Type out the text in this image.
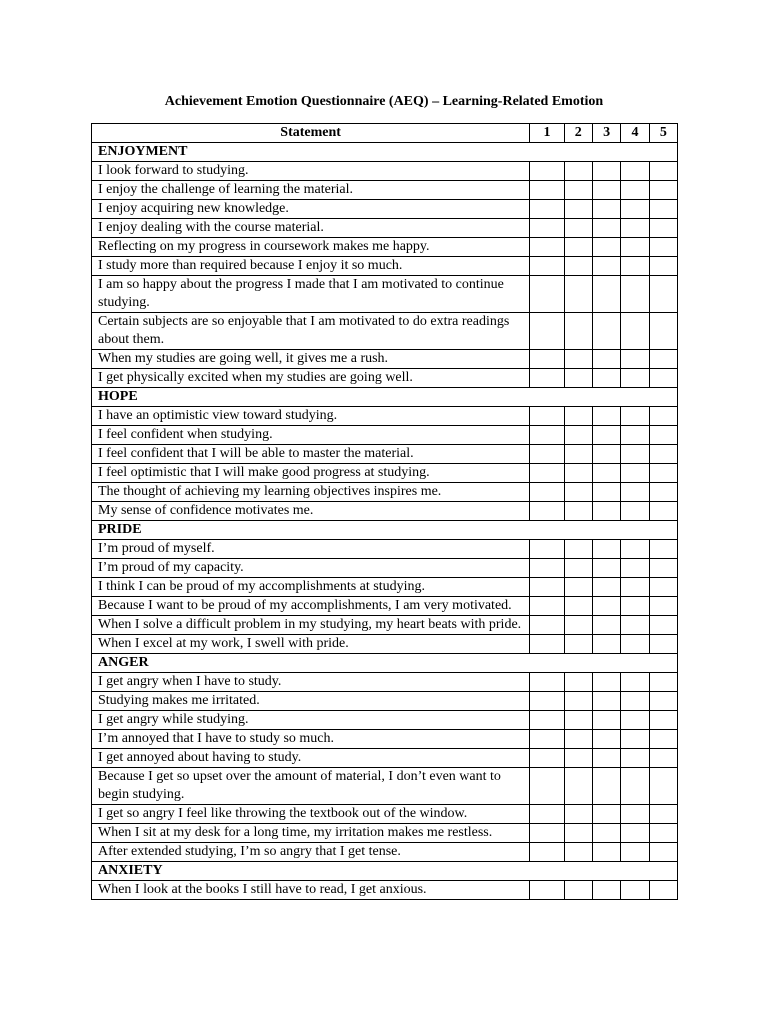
Achievement Emotion Questionnaire (AEQ) – Learning-Related Emotion
Statement	1	2	3	4	5
ENJOYMENT					
I look forward to studying.					
I enjoy the challenge of learning the material.					
I enjoy acquiring new knowledge.					
I enjoy dealing with the course material.					
Reflecting on my progress in coursework makes me happy.					
I study more than required because I enjoy it so much.					
I am so happy about the progress I made that I am motivated to continue studying.					
Certain subjects are so enjoyable that I am motivated to do extra readings about them.					
When my studies are going well, it gives me a rush.					
I get physically excited when my studies are going well.					
HOPE					
I have an optimistic view toward studying.					
I feel confident when studying.					
I feel confident that I will be able to master the material.					
I feel optimistic that I will make good progress at studying.					
The thought of achieving my learning objectives inspires me.					
My sense of confidence motivates me.					
PRIDE					
I’m proud of myself.					
I’m proud of my capacity.					
I think I can be proud of my accomplishments at studying.					
Because I want to be proud of my accomplishments, I am very motivated.					
When I solve a difficult problem in my studying, my heart beats with pride.					
When I excel at my work, I swell with pride.					
ANGER					
I get angry when I have to study.					
Studying makes me irritated.					
I get angry while studying.					
I’m annoyed that I have to study so much.					
I get annoyed about having to study.					
Because I get so upset over the amount of material, I don’t even want to begin studying.					
I get so angry I feel like throwing the textbook out of the window.					
When I sit at my desk for a long time, my irritation makes me restless.					
After extended studying, I’m so angry that I get tense.					
ANXIETY					
When I look at the books I still have to read, I get anxious.					
